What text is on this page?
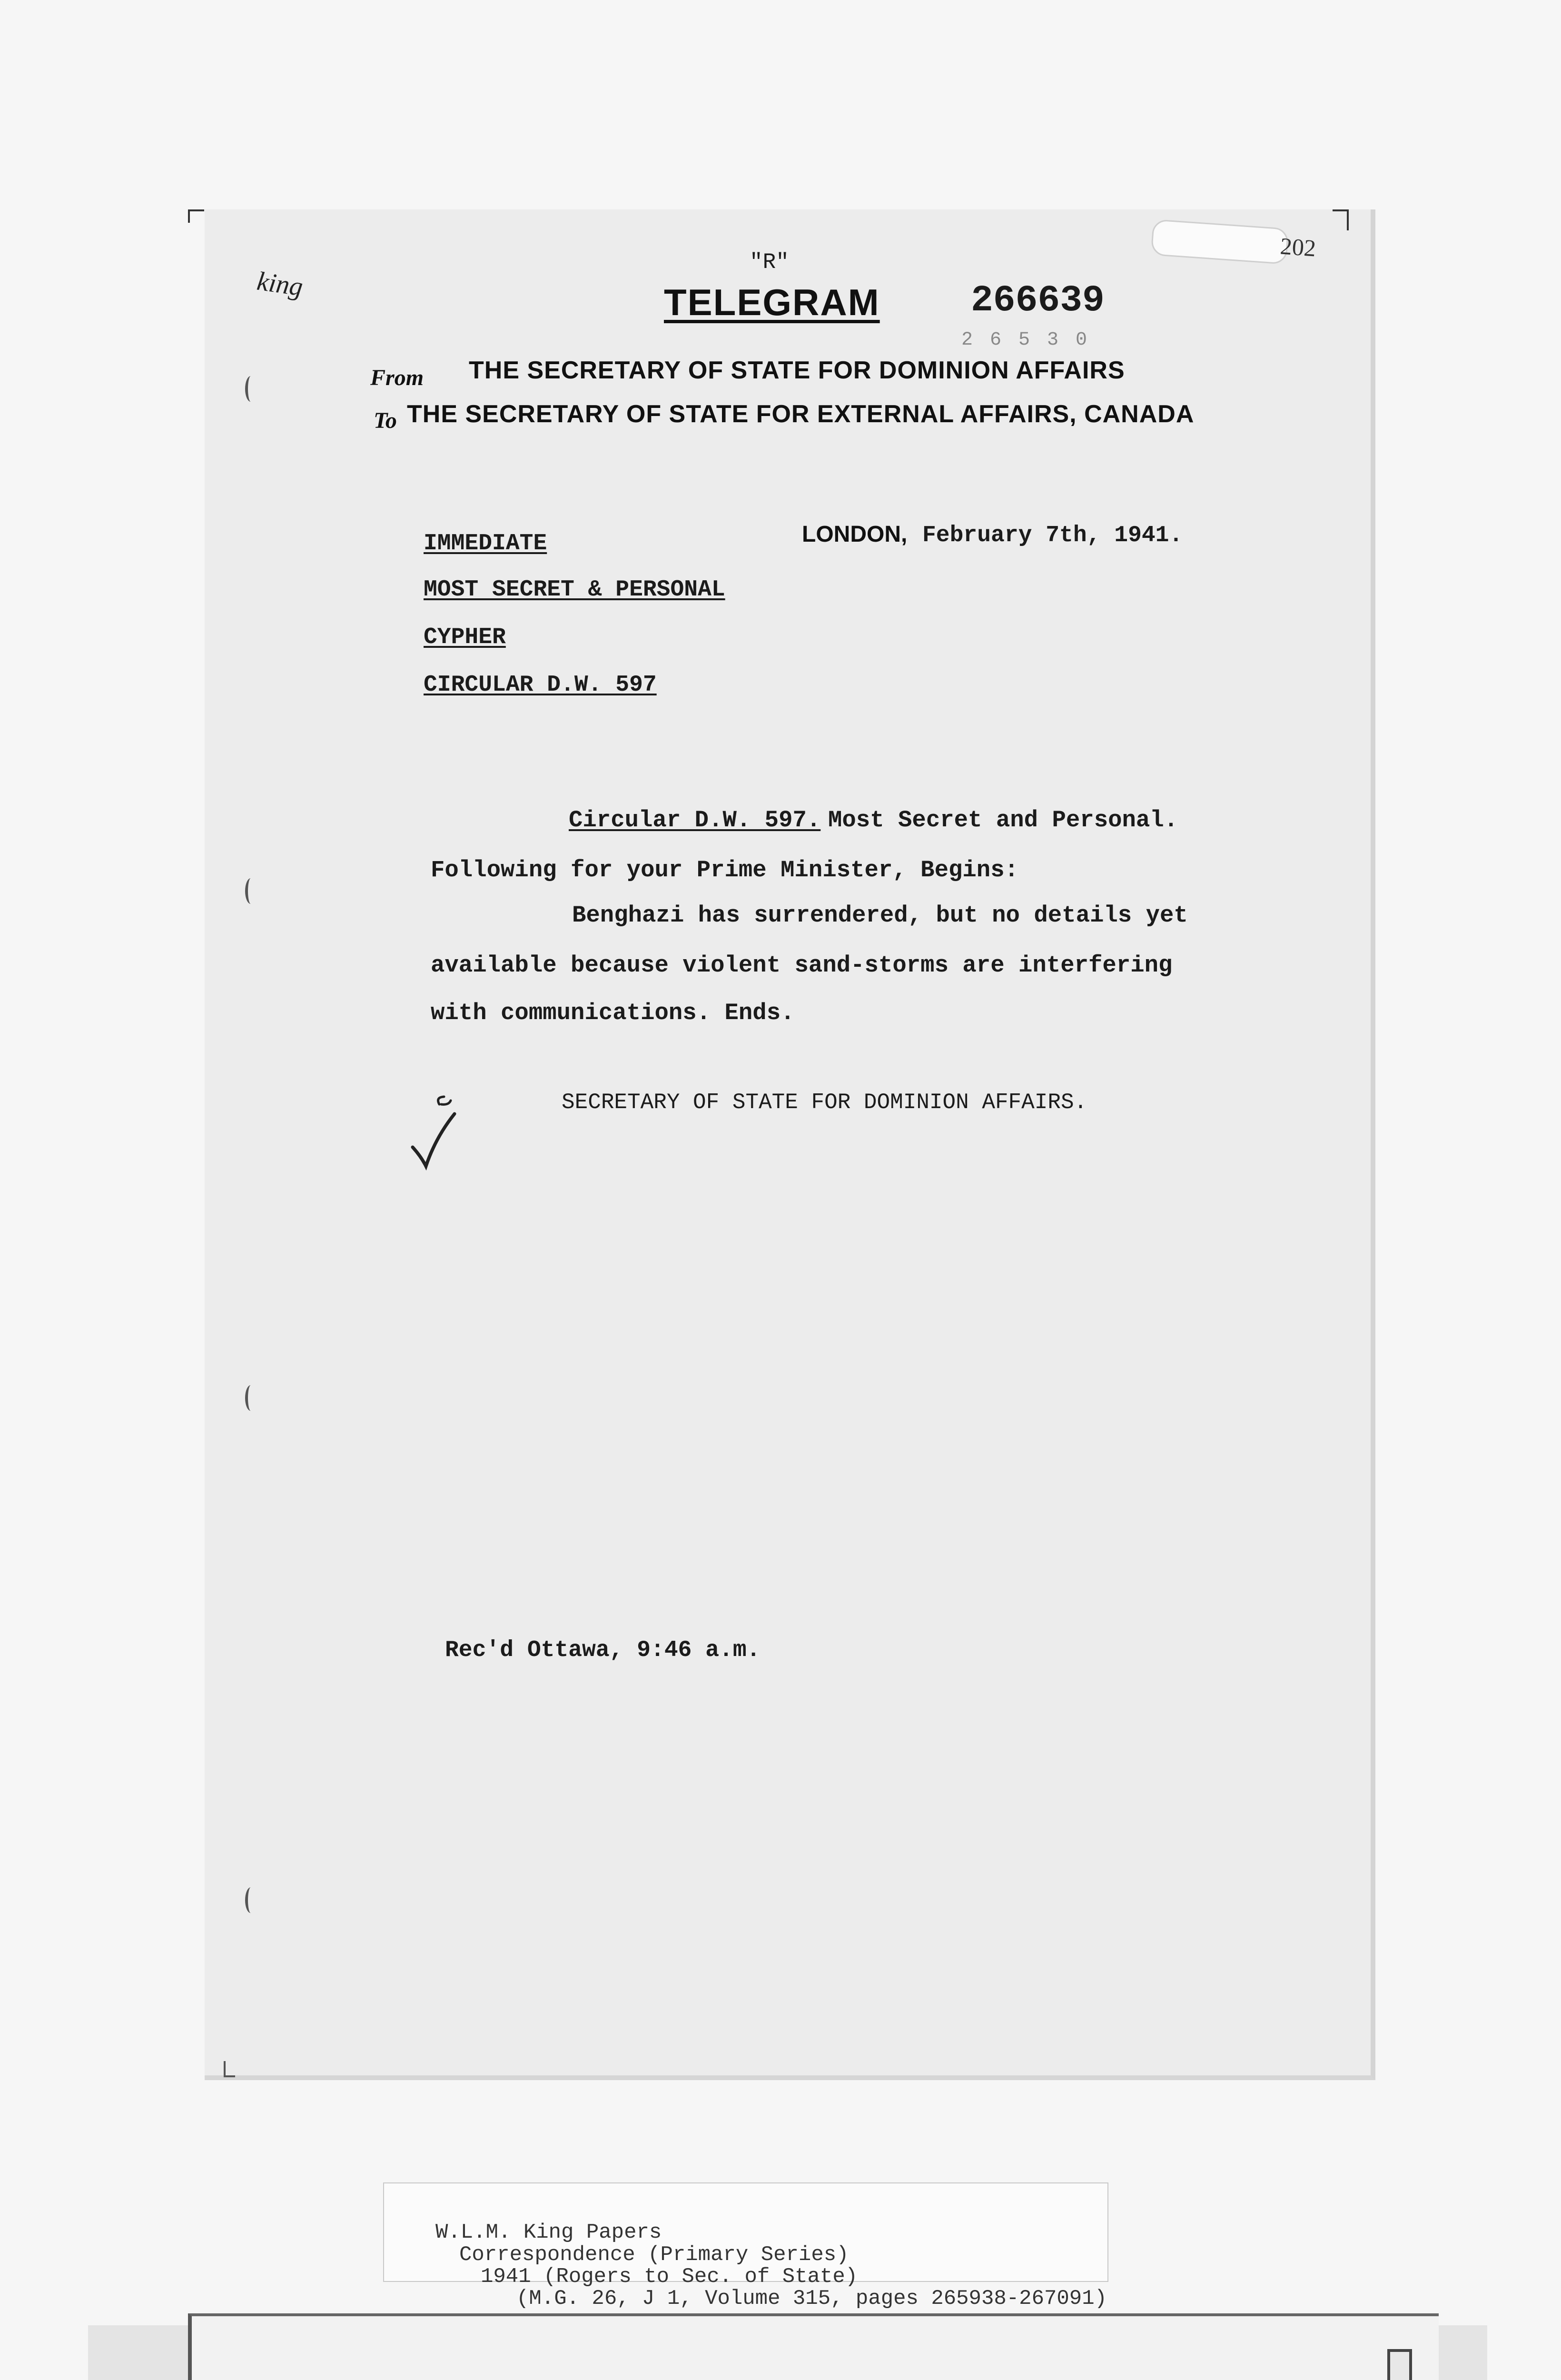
king
202
"R"
TELEGRAM 266639
2 6 5 3 0
From THE SECRETARY OF STATE FOR DOMINION AFFAIRS
To THE SECRETARY OF STATE FOR EXTERNAL AFFAIRS, CANADA
IMMEDIATE
MOST SECRET & PERSONAL
CYPHER
CIRCULAR D.W. 597
LONDON, February 7th, 1941.
Circular D.W. 597. Most Secret and Personal.
Following for your Prime Minister, Begins:
Benghazi has surrendered, but no details yet
available because violent sand-storms are interfering
with communications. Ends.
SECRETARY OF STATE FOR DOMINION AFFAIRS.
Rec'd Ottawa, 9:46 a.m.
W.L.M. King Papers
Correspondence (Primary Series)
1941 (Rogers to Sec. of State)
(M.G. 26, J 1, Volume 315, pages 265938-267091)
